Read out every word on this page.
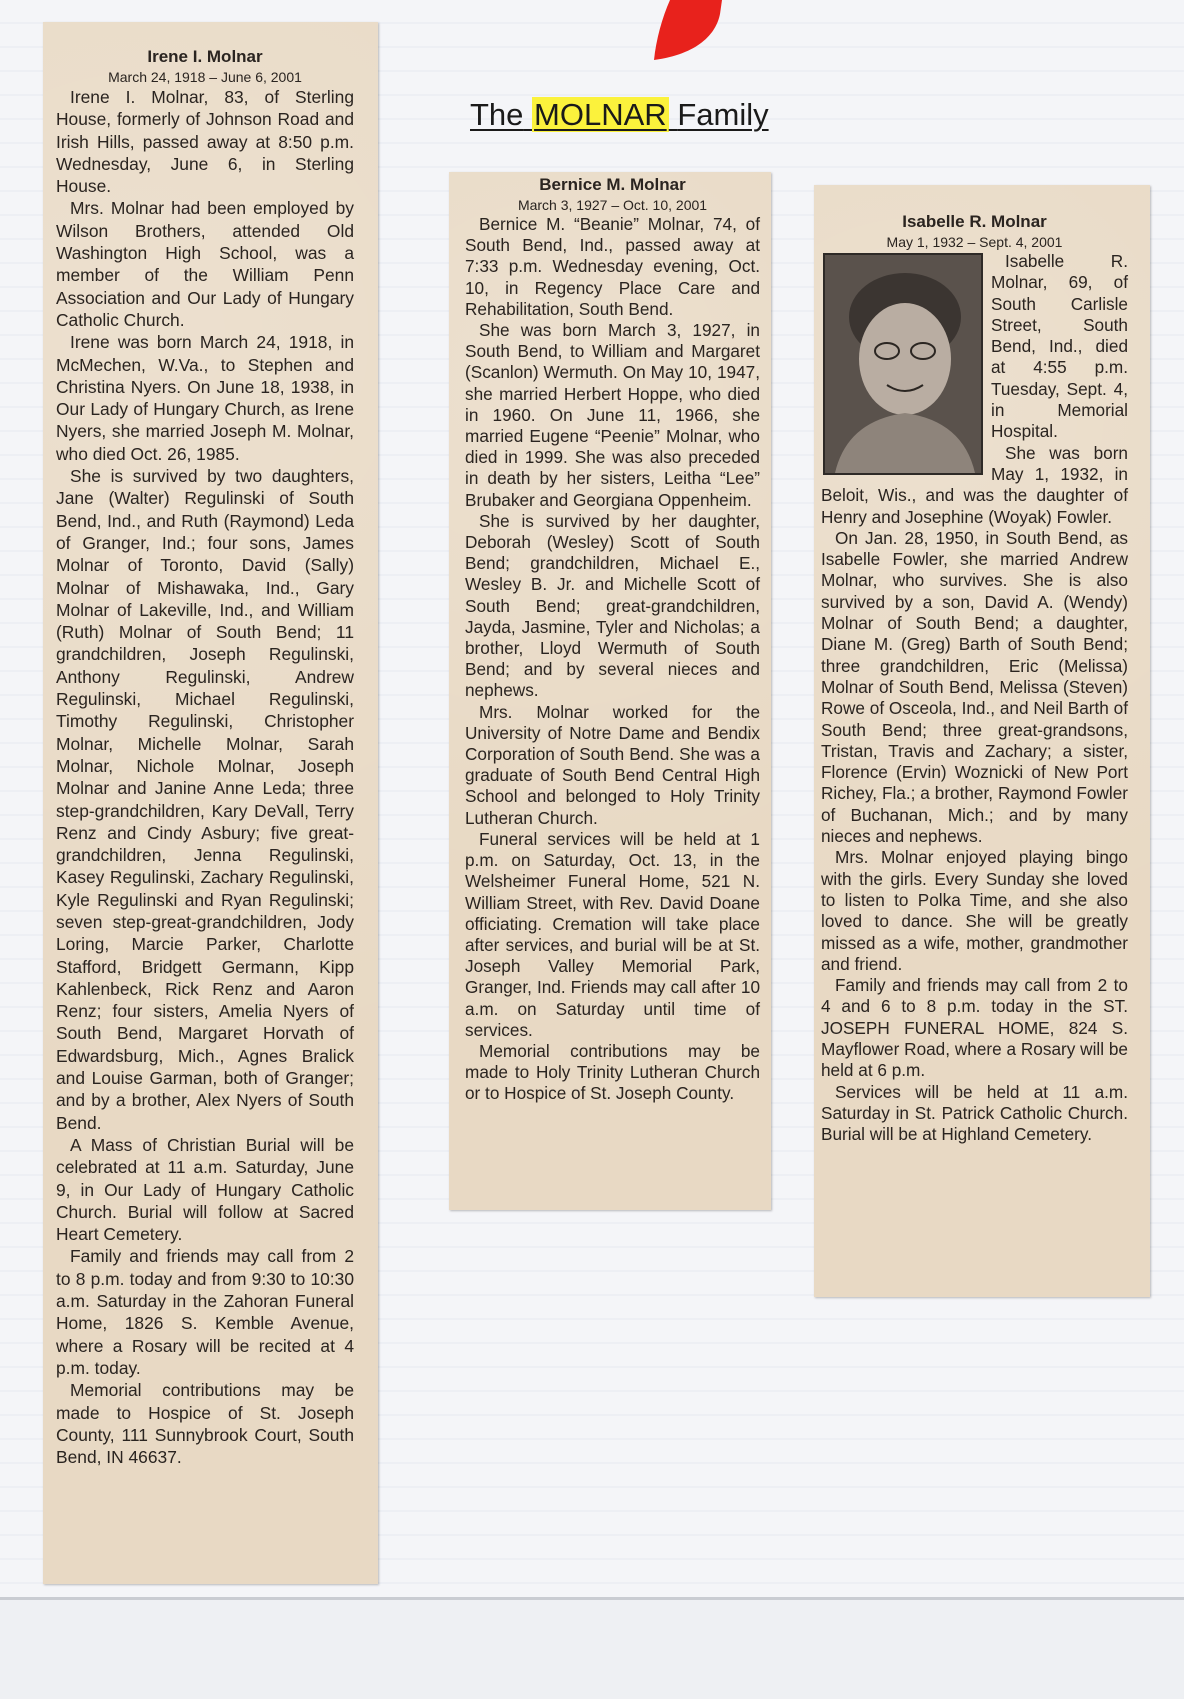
The MOLNAR Family
Irene I. Molnar
March 24, 1918 – June 6, 2001

Irene I. Molnar, 83, of Sterling House, formerly of Johnson Road and Irish Hills, passed away at 8:50 p.m. Wednesday, June 6, in Sterling House.

Mrs. Molnar had been employed by Wilson Brothers, attended Old Washington High School, was a member of the William Penn Association and Our Lady of Hungary Catholic Church.

Irene was born March 24, 1918, in McMechen, W.Va., to Stephen and Christina Nyers. On June 18, 1938, in Our Lady of Hungary Church, as Irene Nyers, she married Joseph M. Molnar, who died Oct. 26, 1985.

She is survived by two daughters, Jane (Walter) Regulinski of South Bend, Ind., and Ruth (Raymond) Leda of Granger, Ind.; four sons, James Molnar of Toronto, David (Sally) Molnar of Mishawaka, Ind., Gary Molnar of Lakeville, Ind., and William (Ruth) Molnar of South Bend; 11 grandchildren, Joseph Regulinski, Anthony Regulinski, Andrew Regulinski, Michael Regulinski, Timothy Regulinski, Christopher Molnar, Michelle Molnar, Sarah Molnar, Nichole Molnar, Joseph Molnar and Janine Anne Leda; three step-grandchildren, Kary DeVall, Terry Renz and Cindy Asbury; five great-grandchildren, Jenna Regulinski, Kasey Regulinski, Zachary Regulinski, Kyle Regulinski and Ryan Regulinski; seven step-great-grandchildren, Jody Loring, Marcie Parker, Charlotte Stafford, Bridgett Germann, Kipp Kahlenbeck, Rick Renz and Aaron Renz; four sisters, Amelia Nyers of South Bend, Margaret Horvath of Edwardsburg, Mich., Agnes Bralick and Louise Garman, both of Granger; and by a brother, Alex Nyers of South Bend.

A Mass of Christian Burial will be celebrated at 11 a.m. Saturday, June 9, in Our Lady of Hungary Catholic Church. Burial will follow at Sacred Heart Cemetery.

Family and friends may call from 2 to 8 p.m. today and from 9:30 to 10:30 a.m. Saturday in the Zahoran Funeral Home, 1826 S. Kemble Avenue, where a Rosary will be recited at 4 p.m. today.

Memorial contributions may be made to Hospice of St. Joseph County, 111 Sunnybrook Court, South Bend, IN 46637.

Bernice M. Molnar
March 3, 1927 – Oct. 10, 2001

Bernice M. “Beanie” Molnar, 74, of South Bend, Ind., passed away at 7:33 p.m. Wednesday evening, Oct. 10, in Regency Place Care and Rehabilitation, South Bend.

She was born March 3, 1927, in South Bend, to William and Margaret (Scanlon) Wermuth. On May 10, 1947, she married Herbert Hoppe, who died in 1960. On June 11, 1966, she married Eugene “Peenie” Molnar, who died in 1999. She was also preceded in death by her sisters, Leitha “Lee” Brubaker and Georgiana Oppenheim.

She is survived by her daughter, Deborah (Wesley) Scott of South Bend; grandchildren, Michael E., Wesley B. Jr. and Michelle Scott of South Bend; great-grandchildren, Jayda, Jasmine, Tyler and Nicholas; a brother, Lloyd Wermuth of South Bend; and by several nieces and nephews.

Mrs. Molnar worked for the University of Notre Dame and Bendix Corporation of South Bend. She was a graduate of South Bend Central High School and belonged to Holy Trinity Lutheran Church.

Funeral services will be held at 1 p.m. on Saturday, Oct. 13, in the Welsheimer Funeral Home, 521 N. William Street, with Rev. David Doane officiating. Cremation will take place after services, and burial will be at St. Joseph Valley Memorial Park, Granger, Ind. Friends may call after 10 a.m. on Saturday until time of services.

Memorial contributions may be made to Holy Trinity Lutheran Church or to Hospice of St. Joseph County.

Isabelle R. Molnar
May 1, 1932 – Sept. 4, 2001

Isabelle R. Molnar, 69, of South Carlisle Street, South Bend, Ind., died at 4:55 p.m. Tuesday, Sept. 4, in Memorial Hospital.

She was born May 1, 1932, in Beloit, Wis., and was the daughter of Henry and Josephine (Woyak) Fowler.

On Jan. 28, 1950, in South Bend, as Isabelle Fowler, she married Andrew Molnar, who survives. She is also survived by a son, David A. (Wendy) Molnar of South Bend; a daughter, Diane M. (Greg) Barth of South Bend; three grandchildren, Eric (Melissa) Molnar of South Bend, Melissa (Steven) Rowe of Osceola, Ind., and Neil Barth of South Bend; three great-grandsons, Tristan, Travis and Zachary; a sister, Florence (Ervin) Woznicki of New Port Richey, Fla.; a brother, Raymond Fowler of Buchanan, Mich.; and by many nieces and nephews.

Mrs. Molnar enjoyed playing bingo with the girls. Every Sunday she loved to listen to Polka Time, and she also loved to dance. She will be greatly missed as a wife, mother, grandmother and friend.

Family and friends may call from 2 to 4 and 6 to 8 p.m. today in the ST. JOSEPH FUNERAL HOME, 824 S. Mayflower Road, where a Rosary will be held at 6 p.m.

Services will be held at 11 a.m. Saturday in St. Patrick Catholic Church. Burial will be at Highland Cemetery.
